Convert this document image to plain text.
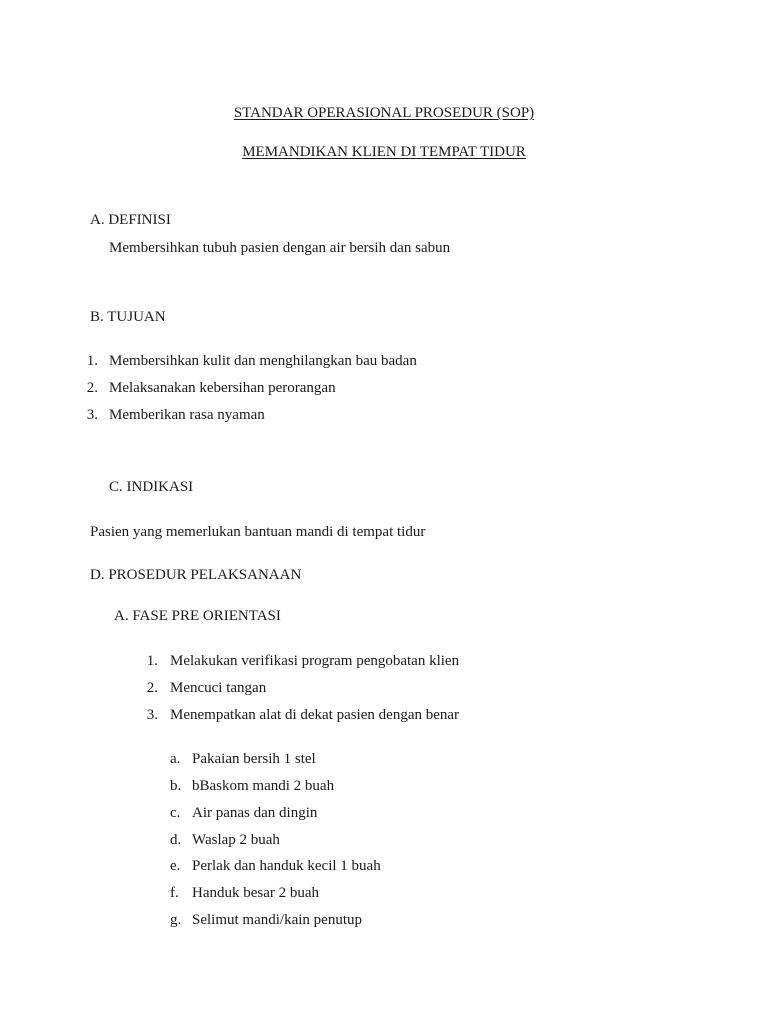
STANDAR OPERASIONAL PROSEDUR (SOP)
MEMANDIKAN KLIEN DI TEMPAT TIDUR
A. DEFINISI
Membersihkan tubuh pasien dengan air bersih dan sabun
B. TUJUAN
1. Membersihkan kulit dan menghilangkan bau badan
2. Melaksanakan kebersihan perorangan
3. Memberikan rasa nyaman
C. INDIKASI
Pasien yang memerlukan bantuan mandi di tempat tidur
D. PROSEDUR PELAKSANAAN
A. FASE PRE ORIENTASI
1. Melakukan verifikasi program pengobatan klien
2. Mencuci tangan
3. Menempatkan alat di dekat pasien dengan benar
a. Pakaian bersih 1 stel
b. bBaskom mandi 2 buah
c. Air panas dan dingin
d. Waslap 2 buah
e. Perlak dan handuk kecil 1 buah
f. Handuk besar 2 buah
g. Selimut mandi/kain penutup
